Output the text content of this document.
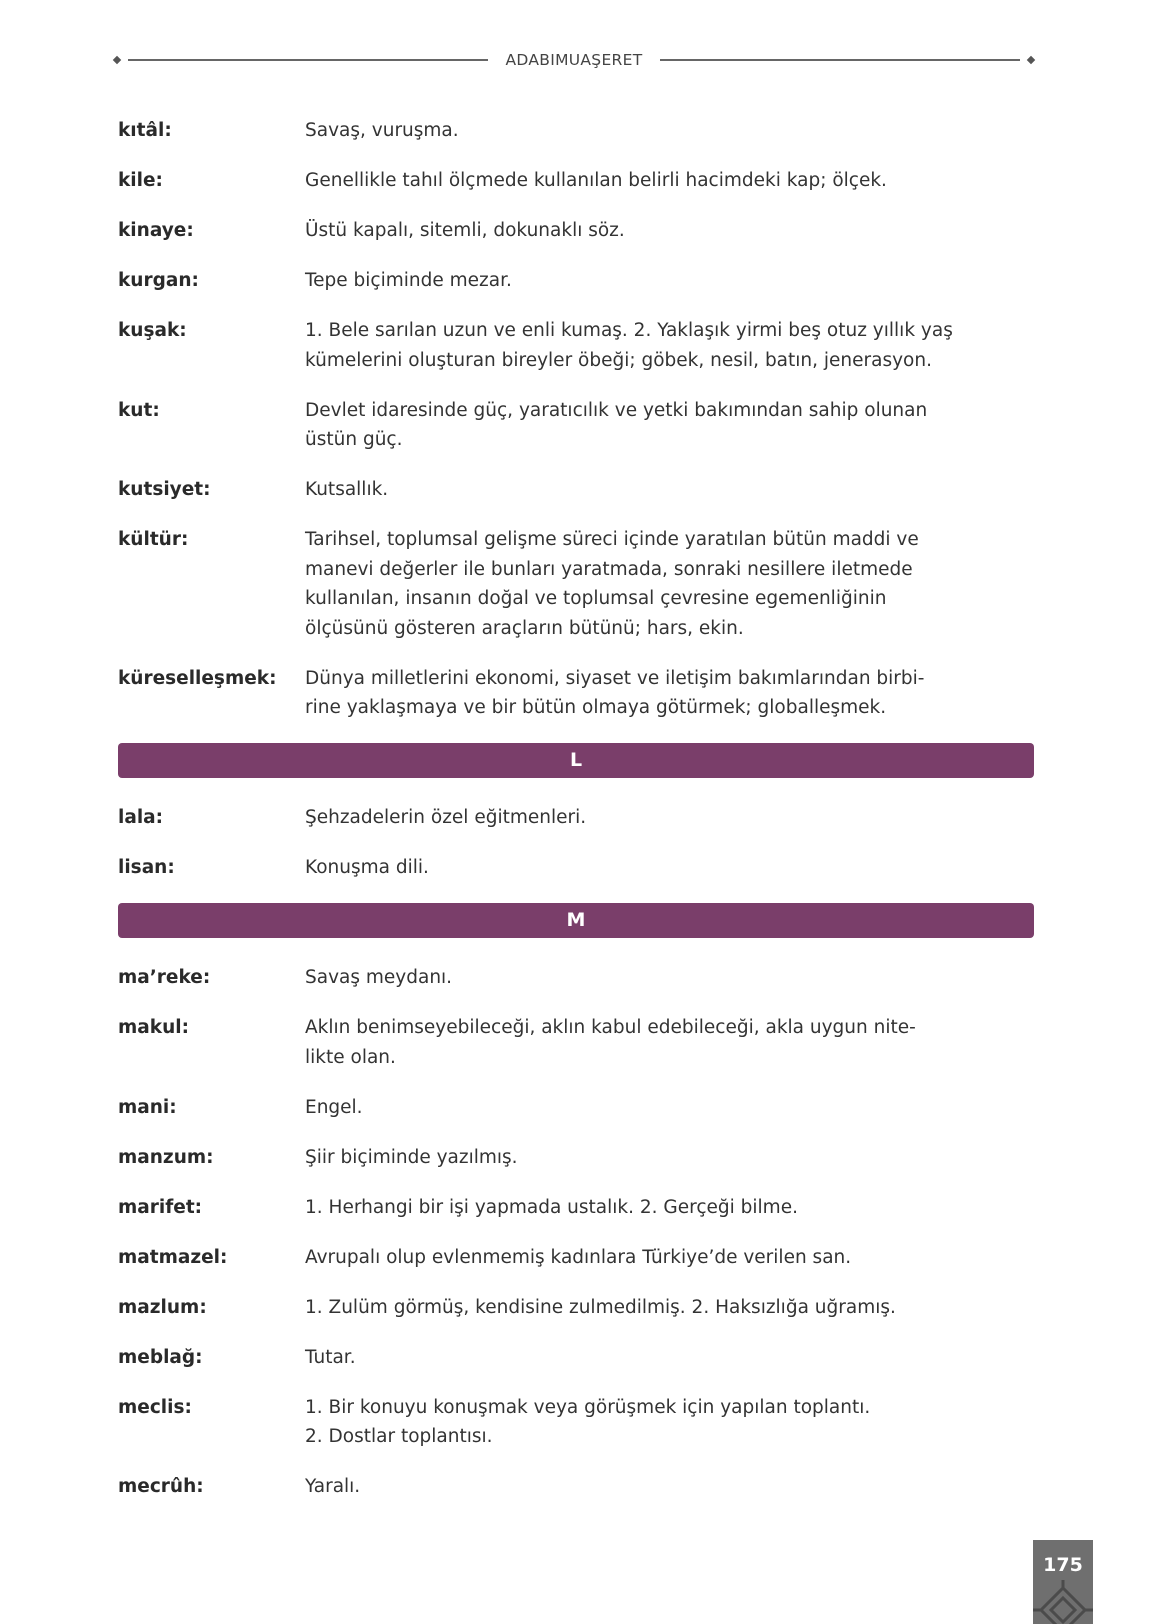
ADABIMUAŞERET
kıtâl:	Savaş, vuruşma.
kile:	Genellikle tahıl ölçmede kullanılan belirli hacimdeki kap; ölçek.
kinaye:	Üstü kapalı, sitemli, dokunaklı söz.
kurgan:	Tepe biçiminde mezar.
kuşak:	1. Bele sarılan uzun ve enli kumaş. 2. Yaklaşık yirmi beş otuz yıllık yaş
kümelerini oluşturan bireyler öbeği; göbek, nesil, batın, jenerasyon.
kut:	Devlet idaresinde güç, yaratıcılık ve yetki bakımından sahip olunan
üstün güç.
kutsiyet:	Kutsallık.
kültür:	Tarihsel, toplumsal gelişme süreci içinde yaratılan bütün maddi ve
manevi değerler ile bunları yaratmada, sonraki nesillere iletmede
kullanılan, insanın doğal ve toplumsal çevresine egemenliğinin
ölçüsünü gösteren araçların bütünü; hars, ekin.
küreselleşmek:	Dünya milletlerini ekonomi, siyaset ve iletişim bakımlarından birbi-
rine yaklaşmaya ve bir bütün olmaya götürmek; globalleşmek.
L
lala:	Şehzadelerin özel eğitmenleri.
lisan:	Konuşma dili.
M
ma’reke:	Savaş meydanı.
makul:	Aklın benimseyebileceği, aklın kabul edebileceği, akla uygun nite-
likte olan.
mani:	Engel.
manzum:	Şiir biçiminde yazılmış.
marifet:	1. Herhangi bir işi yapmada ustalık. 2. Gerçeği bilme.
matmazel:	Avrupalı olup evlenmemiş kadınlara Türkiye’de verilen san.
mazlum:	1. Zulüm görmüş, kendisine zulmedilmiş. 2. Haksızlığa uğramış.
meblağ:	Tutar.
meclis:	1. Bir konuyu konuşmak veya görüşmek için yapılan toplantı.
2. Dostlar toplantısı.
mecrûh:	Yaralı.
175
